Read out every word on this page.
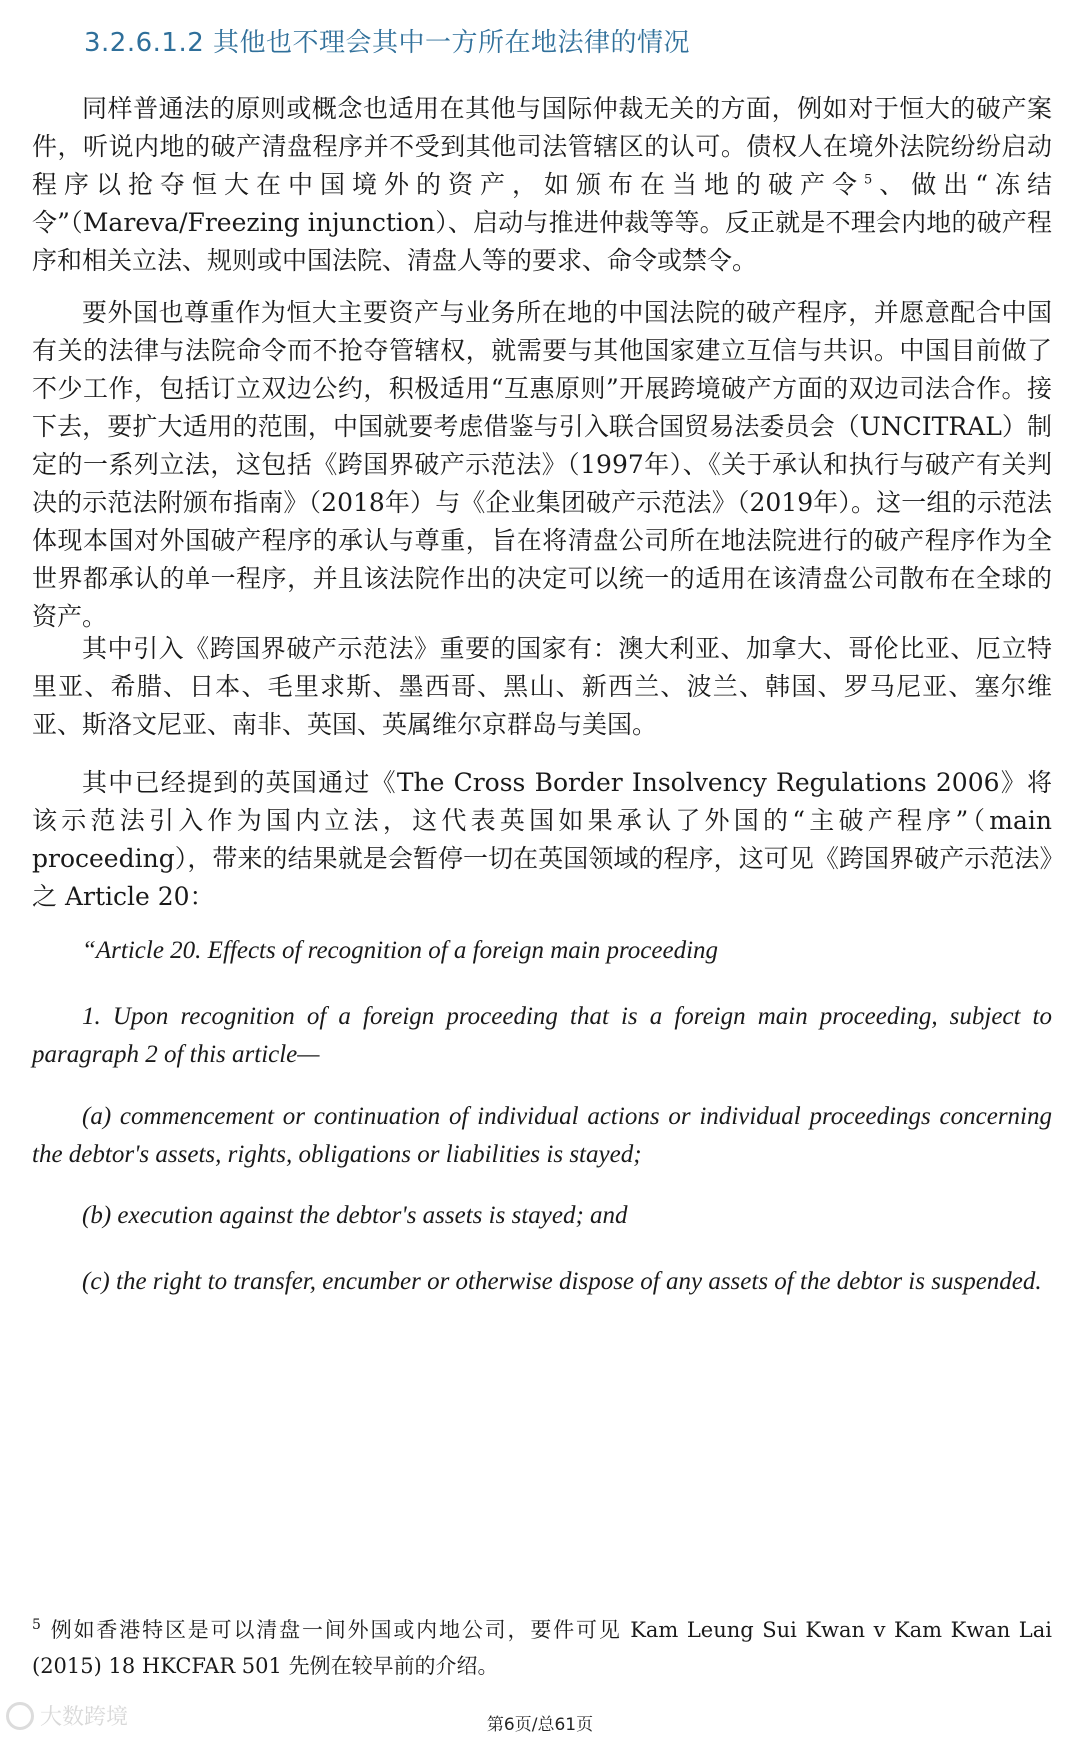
3.2.6.1.2 其他也不理会其中一方所在地法律的情况

同样普通法的原则或概念也适用在其他与国际仲裁无关的方面，例如对于恒大的破产案件，听说内地的破产清盘程序并不受到其他司法管辖区的认可。债权人在境外法院纷纷启动程序以抢夺恒大在中国境外的资产，如颁布在当地的破产令$^5$、做出“冻结令”（Mareva/Freezing injunction）、启动与推进仲裁等等。反正就是不理会内地的破产程序和相关立法、规则或中国法院、清盘人等的要求、命令或禁令。

要外国也尊重作为恒大主要资产与业务所在地的中国法院的破产程序，并愿意配合中国有关的法律与法院命令而不抢夺管辖权，就需要与其他国家建立互信与共识。中国目前做了不少工作，包括订立双边公约，积极适用“互惠原则”开展跨境破产方面的双边司法合作。接下去，要扩大适用的范围，中国就要考虑借鉴与引入联合国贸易法委员会（UNCITRAL）制定的一系列立法，这包括《跨国界破产示范法》（1997年）、《关于承认和执行与破产有关判决的示范法附颁布指南》（2018年）与《企业集团破产示范法》（2019年）。这一组的示范法体现本国对外国破产程序的承认与尊重，旨在将清盘公司所在地法院进行的破产程序作为全世界都承认的单一程序，并且该法院作出的决定可以统一的适用在该清盘公司散布在全球的资产。

其中引入《跨国界破产示范法》重要的国家有：澳大利亚、加拿大、哥伦比亚、厄立特里亚、希腊、日本、毛里求斯、墨西哥、黑山、新西兰、波兰、韩国、罗马尼亚、塞尔维亚、斯洛文尼亚、南非、英国、英属维尔京群岛与美国。

其中已经提到的英国通过《The Cross Border Insolvency Regulations 2006》将该示范法引入作为国内立法，这代表英国如果承认了外国的“主破产程序”（main proceeding），带来的结果就是会暂停一切在英国领域的程序，这可见《跨国界破产示范法》之 Article 20：

“Article 20. Effects of recognition of a foreign main proceeding

1. Upon recognition of a foreign proceeding that is a foreign main proceeding, subject to paragraph 2 of this article—

(a) commencement or continuation of individual actions or individual proceedings concerning the debtor's assets, rights, obligations or liabilities is stayed;

(b) execution against the debtor's assets is stayed; and

(c) the right to transfer, encumber or otherwise dispose of any assets of the debtor is suspended.

$^5$ 例如香港特区是可以清盘一间外国或内地公司，要件可见 Kam Leung Sui Kwan v Kam Kwan Lai (2015) 18 HKCFAR 501 先例在较早前的介绍。

大数跨境	第6页/总61页
